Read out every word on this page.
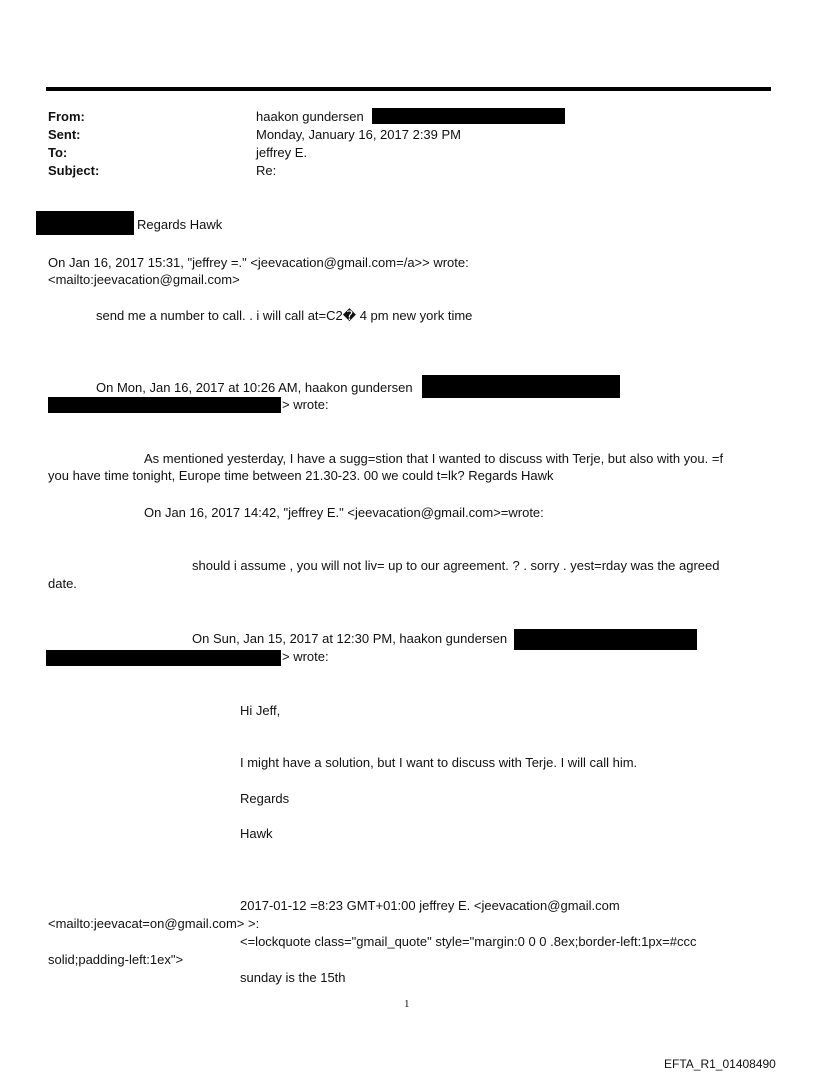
From:	haakon gundersen
Sent:	Monday, January 16, 2017 2:39 PM
To:	jeffrey E.
Subject:	Re:
Regards Hawk
On Jan 16, 2017 15:31, "jeffrey =." <jeevacation@gmail.com=/a>> wrote:
<mailto:jeevacation@gmail.com>
send me a number to call. . i will call at=C2� 4 pm new york time
On Mon, Jan 16, 2017 at 10:26 AM, haakon gundersen
> wrote:
As mentioned yesterday, I have a sugg=stion that I wanted to discuss with Terje, but also with you. =f
you have time tonight, Europe time between 21.30-23. 00 we could t=lk? Regards Hawk
On Jan 16, 2017 14:42, "jeffrey E." <jeevacation@gmail.com>=wrote:
should i assume , you will not liv= up to our agreement. ? . sorry . yest=rday was the agreed
date.
On Sun, Jan 15, 2017 at 12:30 PM, haakon gundersen
> wrote:
Hi Jeff,
I might have a solution, but I want to discuss with Terje. I will call him.
Regards
Hawk
2017-01-12 =8:23 GMT+01:00 jeffrey E. <jeevacation@gmail.com
<mailto:jeevacat=on@gmail.com> >:
<=lockquote class="gmail_quote" style="margin:0 0 0 .8ex;border-left:1px=#ccc
solid;padding-left:1ex">
sunday is the 15th
1
EFTA_R1_01408490
